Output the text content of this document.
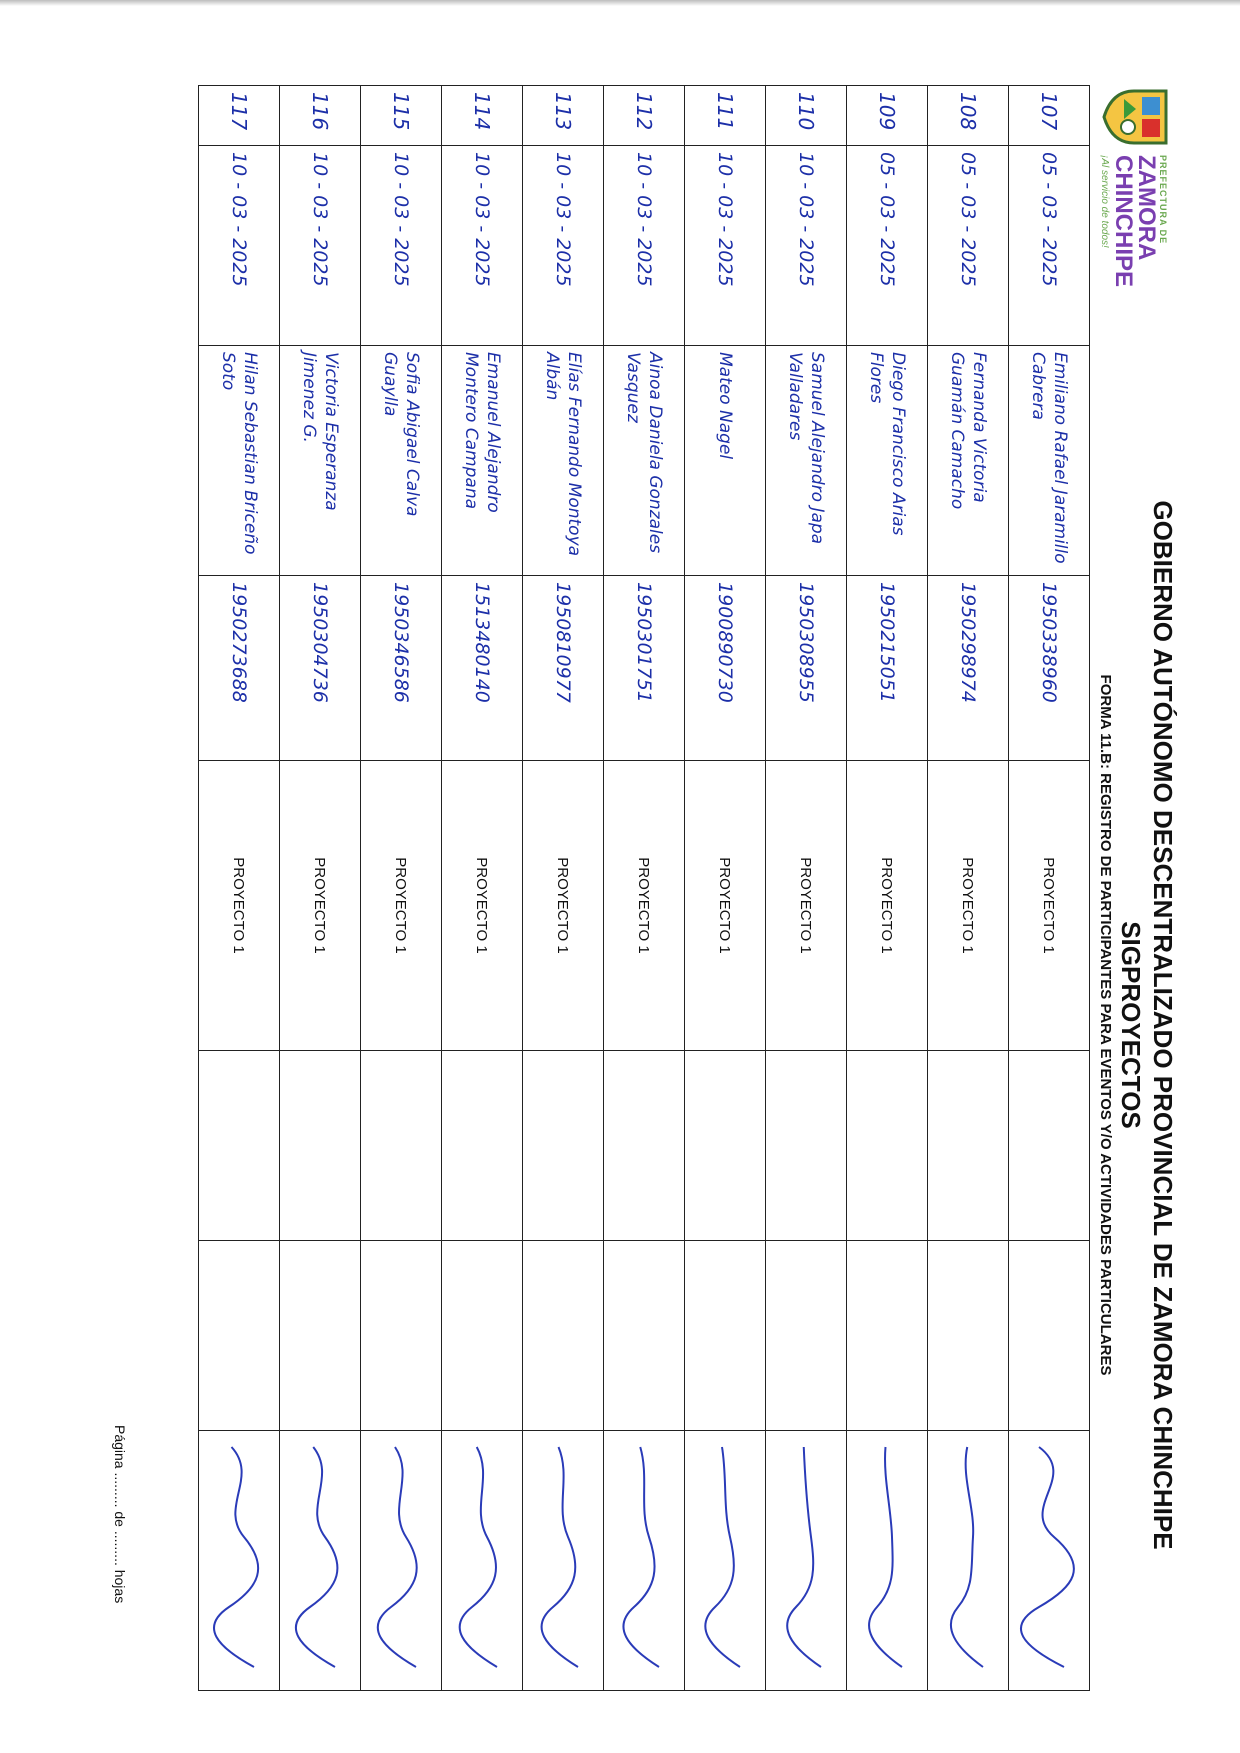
PREFECTURA DE
ZAMORA
CHINCHIPE
¡Al servicio de todos!
GOBIERNO AUTÓNOMO DESCENTRALIZADO PROVINCIAL DE ZAMORA CHINCHIPE
SIGPROYECTOS
FORMA 11.B: REGISTRO DE PARTICIPANTES PARA EVENTOS Y/O ACTIVIDADES PARTICULARES
107	05 - 03 - 2025	Emiliano Rafael Jaramillo Cabrera	1950338960	PROYECTO 1			

108	05 - 03 - 2025	Fernanda Victoria Guamán Camacho	1950298974	PROYECTO 1			

109	05 - 03 - 2025	Diego Francisco Arias Flores	1950215051	PROYECTO 1			

110	10 - 03 - 2025	Samuel Alejandro Japa Valladares	1950308955	PROYECTO 1			

111	10 - 03 - 2025	Mateo Nagel	1900890730	PROYECTO 1			

112	10 - 03 - 2025	Ainoa Daniela Gonzales Vasquez	1950301751	PROYECTO 1			

113	10 - 03 - 2025	Elías Fernando Montoya Albán	1950810977	PROYECTO 1			

114	10 - 03 - 2025	Emanuel Alejandro Montero Campana	1513480140	PROYECTO 1			

115	10 - 03 - 2025	Sofia Abigael Calva Guaylla	1950346586	PROYECTO 1			

116	10 - 03 - 2025	Victoria Esperanza Jimenez G.	1950304736	PROYECTO 1			

117	10 - 03 - 2025	Hilan Sebastian Briceño Soto	1950273688	PROYECTO 1			
Página ......... de ......... hojas
